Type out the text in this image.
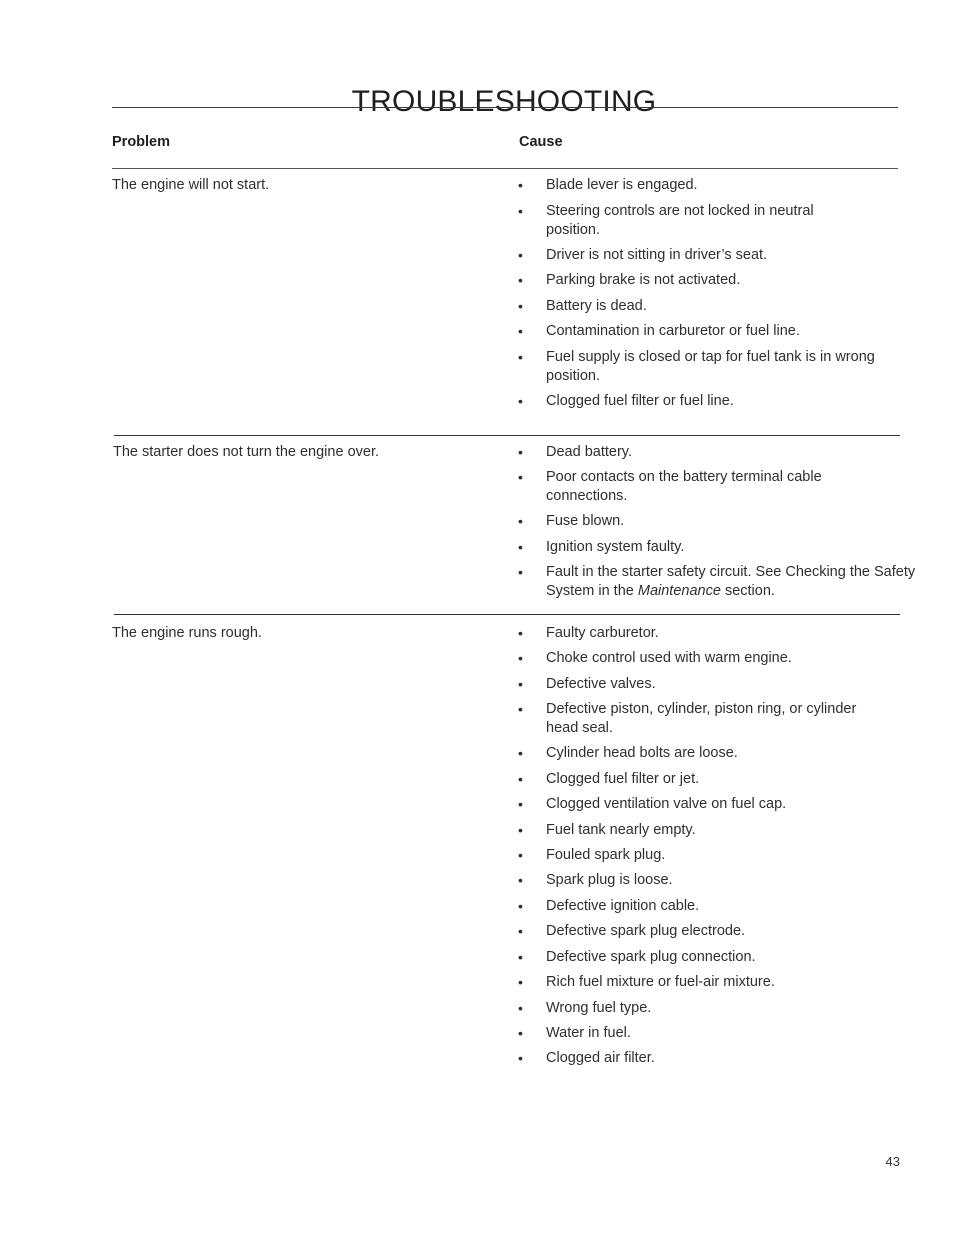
TROUBLESHOOTING
Problem	Cause
The engine will not start.	• Blade lever is engaged.
• Steering controls are not locked in neutral position.
• Driver is not sitting in driver’s seat.
• Parking brake is not activated.
• Battery is dead.
• Contamination in carburetor or fuel line.
• Fuel supply is closed or tap for fuel tank is in wrong position.
• Clogged fuel filter or fuel line.
The starter does not turn the engine over.	• Dead battery.
• Poor contacts on the battery terminal cable connections.
• Fuse blown.
• Ignition system faulty.
• Fault in the starter safety circuit. See Checking the Safety System in the Maintenance section.
The engine runs rough.	• Faulty carburetor.
• Choke control used with warm engine.
• Defective valves.
• Defective piston, cylinder, piston ring, or cylinder head seal.
• Cylinder head bolts are loose.
• Clogged fuel filter or jet.
• Clogged ventilation valve on fuel cap.
• Fuel tank nearly empty.
• Fouled spark plug.
• Spark plug is loose.
• Defective ignition cable.
• Defective spark plug electrode.
• Defective spark plug connection.
• Rich fuel mixture or fuel-air mixture.
• Wrong fuel type.
• Water in fuel.
• Clogged air filter.
43
